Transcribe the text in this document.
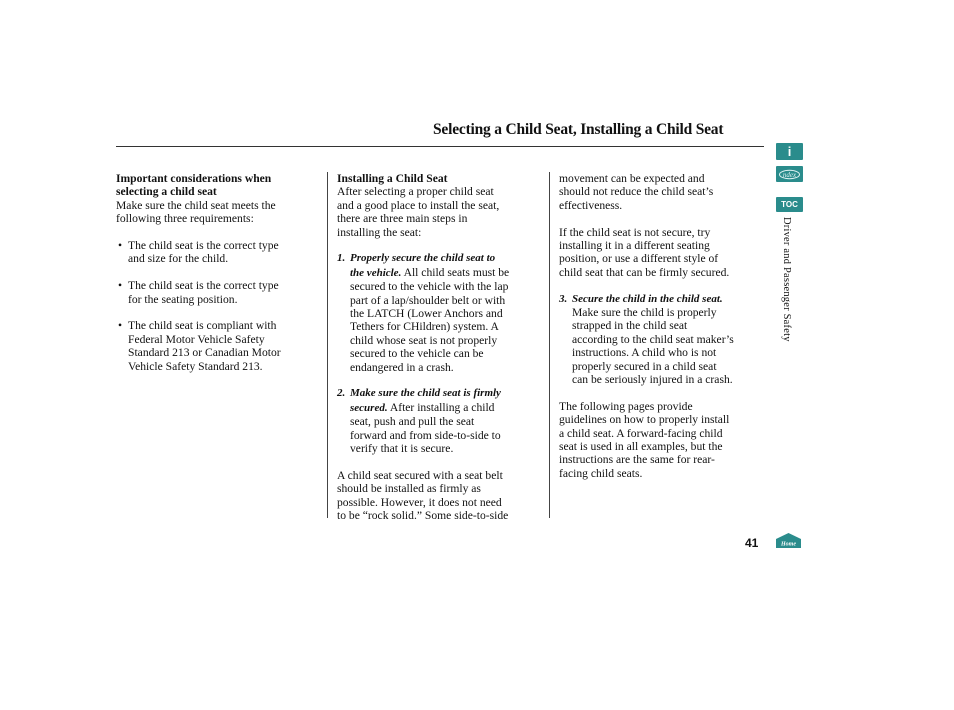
Selecting a Child Seat, Installing a Child Seat

Important considerations when

selecting a child seat

Make sure the child seat meets the

following three requirements:

• The child seat is the correct type

and size for the child.

• The child seat is the correct type

for the seating position.

• The child seat is compliant with

Federal Motor Vehicle Safety

Standard 213 or Canadian Motor

Vehicle Safety Standard 213.

Installing a Child Seat

After selecting a proper child seat

and a good place to install the seat,

there are three main steps in

installing the seat:

1. Properly secure the child seat to

the vehicle. All child seats must be

secured to the vehicle with the lap

part of a lap/shoulder belt or with

the LATCH (Lower Anchors and

Tethers for CHildren) system. A

child whose seat is not properly

secured to the vehicle can be

endangered in a crash.

2. Make sure the child seat is firmly

secured. After installing a child

seat, push and pull the seat

forward and from side-to-side to

verify that it is secure.

A child seat secured with a seat belt

should be installed as firmly as

possible. However, it does not need

to be “rock solid.” Some side-to-side

movement can be expected and

should not reduce the child seat’s

effectiveness.

If the child seat is not secure, try

installing it in a different seating

position, or use a different style of

child seat that can be firmly secured.

3. Secure the child in the child seat.

Make sure the child is properly

strapped in the child seat

according to the child seat maker’s

instructions. A child who is not

properly secured in a child seat

can be seriously injured in a crash.

The following pages provide

guidelines on how to properly install

a child seat. A forward-facing child

seat is used in all examples, but the

instructions are the same for rear-

facing child seats.

i
ndex
TOC
Driver and Passenger Safety
41	Home
